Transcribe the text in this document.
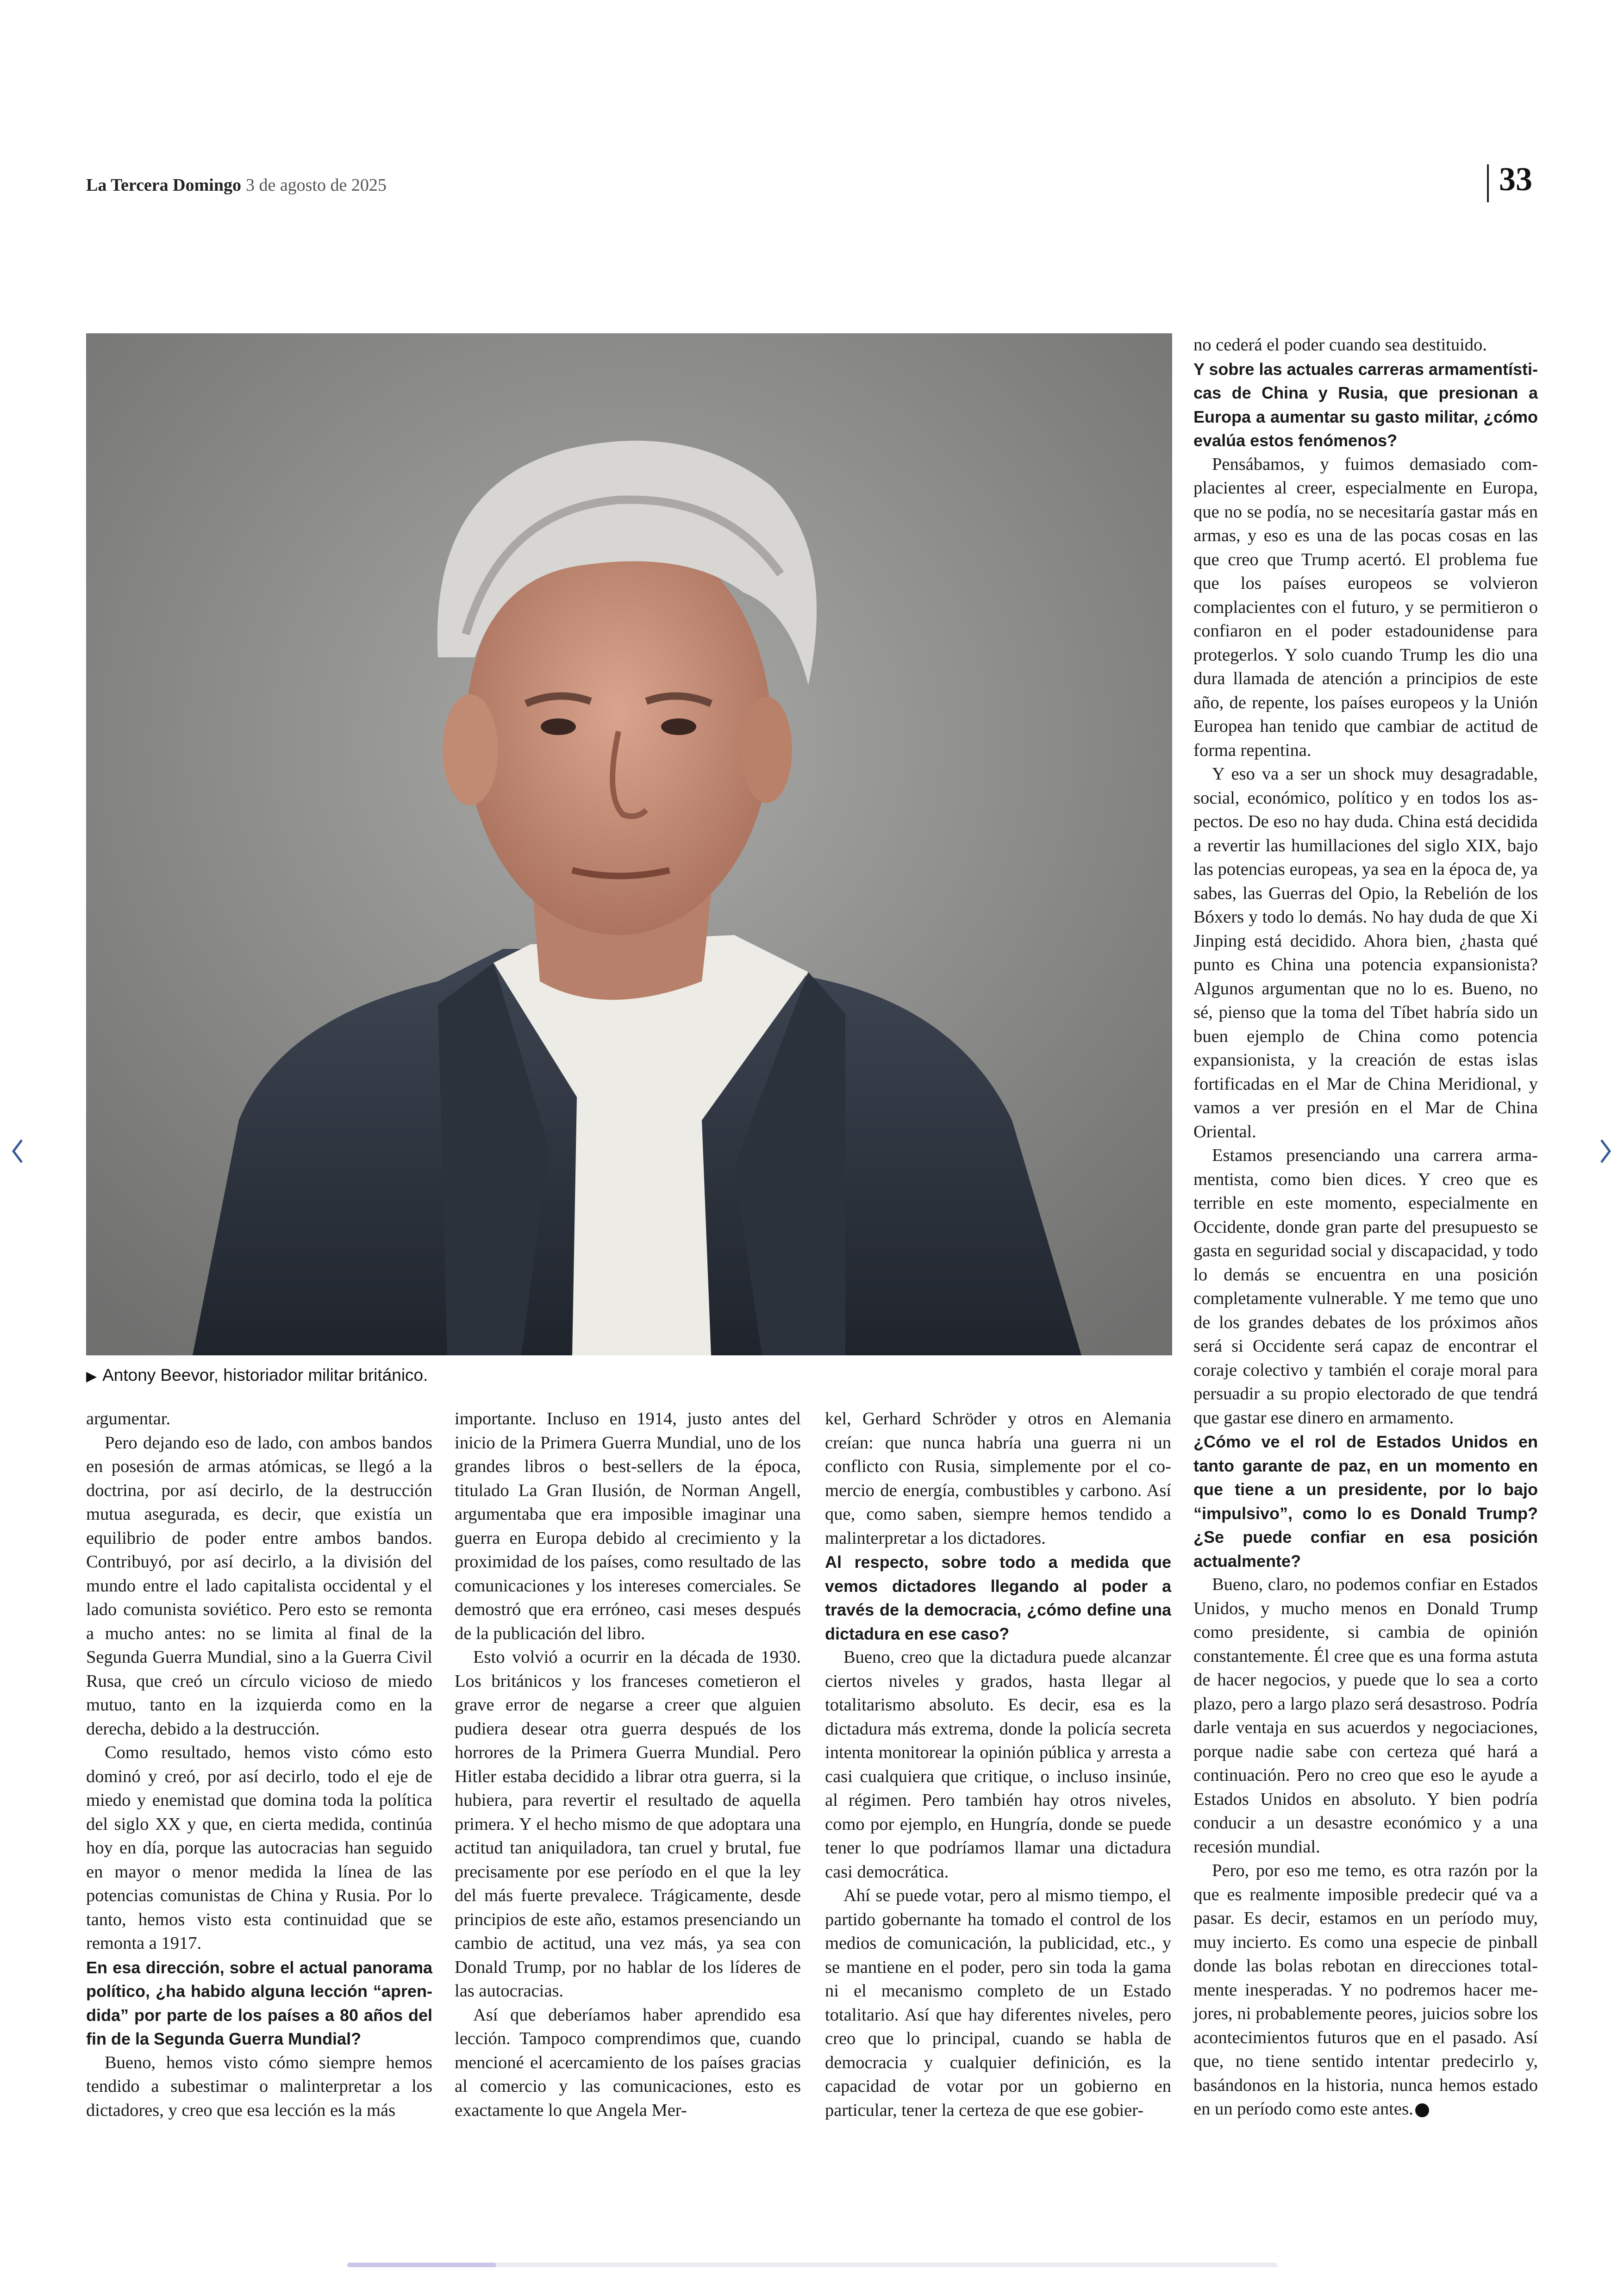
La Tercera Domingo 3 de agosto de 2025	33
▶ Antony Beevor, historiador militar británico.

argumentar.

Pero dejando eso de lado, con ambos bandos en posesión de armas atómicas, se llegó a la doctrina, por así decirlo, de la destrucción mutua asegurada, es decir, que existía un equilibrio de poder entre ambos bandos. Contribuyó, por así decirlo, a la división del mundo entre el lado capitalista occidental y el lado comunista soviético. Pero esto se remonta a mucho antes: no se limita al final de la Segunda Guerra Mundial, sino a la Guerra Civil Rusa, que creó un círculo vicioso de miedo mutuo, tanto en la izquierda como en la derecha, debido a la destrucción.

Como resultado, hemos visto cómo esto dominó y creó, por así decirlo, todo el eje de miedo y enemistad que domina toda la política del siglo XX y que, en cierta medida, continúa hoy en día, porque las autocracias han seguido en mayor o menor medida la línea de las potencias comunistas de China y Rusia. Por lo tanto, hemos visto esta continuidad que se remonta a 1917.

En esa dirección, sobre el actual panorama político, ¿ha habido alguna lección “aprendida” por parte de los países a 80 años del fin de la Segunda Guerra Mundial?

Bueno, hemos visto cómo siempre hemos tendido a subestimar o malinterpretar a los dictadores, y creo que esa lección es la más

importante. Incluso en 1914, justo antes del inicio de la Primera Guerra Mundial, uno de los grandes libros o best-sellers de la época, titulado La Gran Ilusión, de Norman Angell, argumentaba que era imposible imaginar una guerra en Europa debido al crecimiento y la proximidad de los países, como resultado de las comunicaciones y los intereses comerciales. Se demostró que era erróneo, casi meses después de la publicación del libro.

Esto volvió a ocurrir en la década de 1930. Los británicos y los franceses cometieron el grave error de negarse a creer que alguien pudiera desear otra guerra después de los horrores de la Primera Guerra Mundial. Pero Hitler estaba decidido a librar otra guerra, si la hubiera, para revertir el resultado de aquella primera. Y el hecho mismo de que adoptara una actitud tan aniquiladora, tan cruel y brutal, fue precisamente por ese período en el que la ley del más fuerte prevalece. Trágicamente, desde principios de este año, estamos presenciando un cambio de actitud, una vez más, ya sea con Donald Trump, por no hablar de los líderes de las autocracias.

Así que deberíamos haber aprendido esa lección. Tampoco comprendimos que, cuando mencioné el acercamiento de los países gracias al comercio y las comunicaciones, esto es exactamente lo que Angela Mer-

kel, Gerhard Schröder y otros en Alemania creían: que nunca habría una guerra ni un conflicto con Rusia, simplemente por el comercio de energía, combustibles y carbono. Así que, como saben, siempre hemos tendido a malinterpretar a los dictadores.

Al respecto, sobre todo a medida que vemos dictadores llegando al poder a través de la democracia, ¿cómo define una dictadura en ese caso?

Bueno, creo que la dictadura puede alcanzar ciertos niveles y grados, hasta llegar al totalitarismo absoluto. Es decir, esa es la dictadura más extrema, donde la policía secreta intenta monitorear la opinión pública y arresta a casi cualquiera que critique, o incluso insinúe, al régimen. Pero también hay otros niveles, como por ejemplo, en Hungría, donde se puede tener lo que podríamos llamar una dictadura casi democrática.

Ahí se puede votar, pero al mismo tiempo, el partido gobernante ha tomado el control de los medios de comunicación, la publicidad, etc., y se mantiene en el poder, pero sin toda la gama ni el mecanismo completo de un Estado totalitario. Así que hay diferentes niveles, pero creo que lo principal, cuando se habla de democracia y cualquier definición, es la capacidad de votar por un gobierno en particular, tener la certeza de que ese gobier-

no cederá el poder cuando sea destituido.

Y sobre las actuales carreras armamentísticas de China y Rusia, que presionan a Europa a aumentar su gasto militar, ¿cómo evalúa estos fenómenos?

Pensábamos, y fuimos demasiado complacientes al creer, especialmente en Europa, que no se podía, no se necesitaría gastar más en armas, y eso es una de las pocas cosas en las que creo que Trump acertó. El problema fue que los países europeos se volvieron complacientes con el futuro, y se permitieron o confiaron en el poder estadounidense para protegerlos. Y solo cuando Trump les dio una dura llamada de atención a principios de este año, de repente, los países europeos y la Unión Europea han tenido que cambiar de actitud de forma repentina.

Y eso va a ser un shock muy desagradable, social, económico, político y en todos los aspectos. De eso no hay duda. China está decidida a revertir las humillaciones del siglo XIX, bajo las potencias europeas, ya sea en la época de, ya sabes, las Guerras del Opio, la Rebelión de los Bóxers y todo lo demás. No hay duda de que Xi Jinping está decidido. Ahora bien, ¿hasta qué punto es China una potencia expansionista? Algunos argumentan que no lo es. Bueno, no sé, pienso que la toma del Tíbet habría sido un buen ejemplo de China como potencia expansionista, y la creación de estas islas fortificadas en el Mar de China Meridional, y vamos a ver presión en el Mar de China Oriental.

Estamos presenciando una carrera armamentista, como bien dices. Y creo que es terrible en este momento, especialmente en Occidente, donde gran parte del presupuesto se gasta en seguridad social y discapacidad, y todo lo demás se encuentra en una posición completamente vulnerable. Y me temo que uno de los grandes debates de los próximos años será si Occidente será capaz de encontrar el coraje colectivo y también el coraje moral para persuadir a su propio electorado de que tendrá que gastar ese dinero en armamento.

¿Cómo ve el rol de Estados Unidos en tanto garante de paz, en un momento en que tiene a un presidente, por lo bajo “impulsivo”, como lo es Donald Trump? ¿Se puede confiar en esa posición actualmente?

Bueno, claro, no podemos confiar en Estados Unidos, y mucho menos en Donald Trump como presidente, si cambia de opinión constantemente. Él cree que es una forma astuta de hacer negocios, y puede que lo sea a corto plazo, pero a largo plazo será desastroso. Podría darle ventaja en sus acuerdos y negociaciones, porque nadie sabe con certeza qué hará a continuación. Pero no creo que eso le ayude a Estados Unidos en absoluto. Y bien podría conducir a un desastre económico y a una recesión mundial.

Pero, por eso me temo, es otra razón por la que es realmente imposible predecir qué va a pasar. Es decir, estamos en un período muy, muy incierto. Es como una especie de pinball donde las bolas rebotan en direcciones totalmente inesperadas. Y no podremos hacer mejores, ni probablemente peores, juicios sobre los acontecimientos futuros que en el pasado. Así que, no tiene sentido intentar predecirlo y, basándonos en la historia, nunca hemos estado en un período como este antes.
